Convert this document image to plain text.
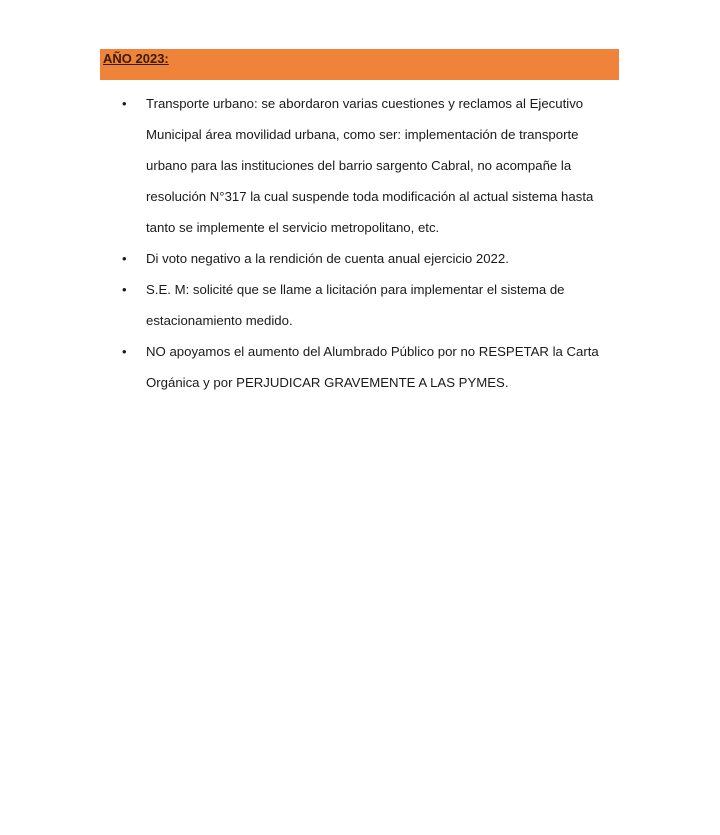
AÑO 2023:
• Transporte urbano: se abordaron varias cuestiones y reclamos al Ejecutivo
Municipal área movilidad urbana, como ser: implementación de transporte
urbano para las instituciones del barrio sargento Cabral, no acompañe la
resolución N°317 la cual suspende toda modificación al actual sistema hasta
tanto se implemente el servicio metropolitano, etc.
• Di voto negativo a la rendición de cuenta anual ejercicio 2022.
• S.E. M: solicité que se llame a licitación para implementar el sistema de
estacionamiento medido.
• NO apoyamos el aumento del Alumbrado Público por no RESPETAR la Carta
Orgánica y por PERJUDICAR GRAVEMENTE A LAS PYMES.
